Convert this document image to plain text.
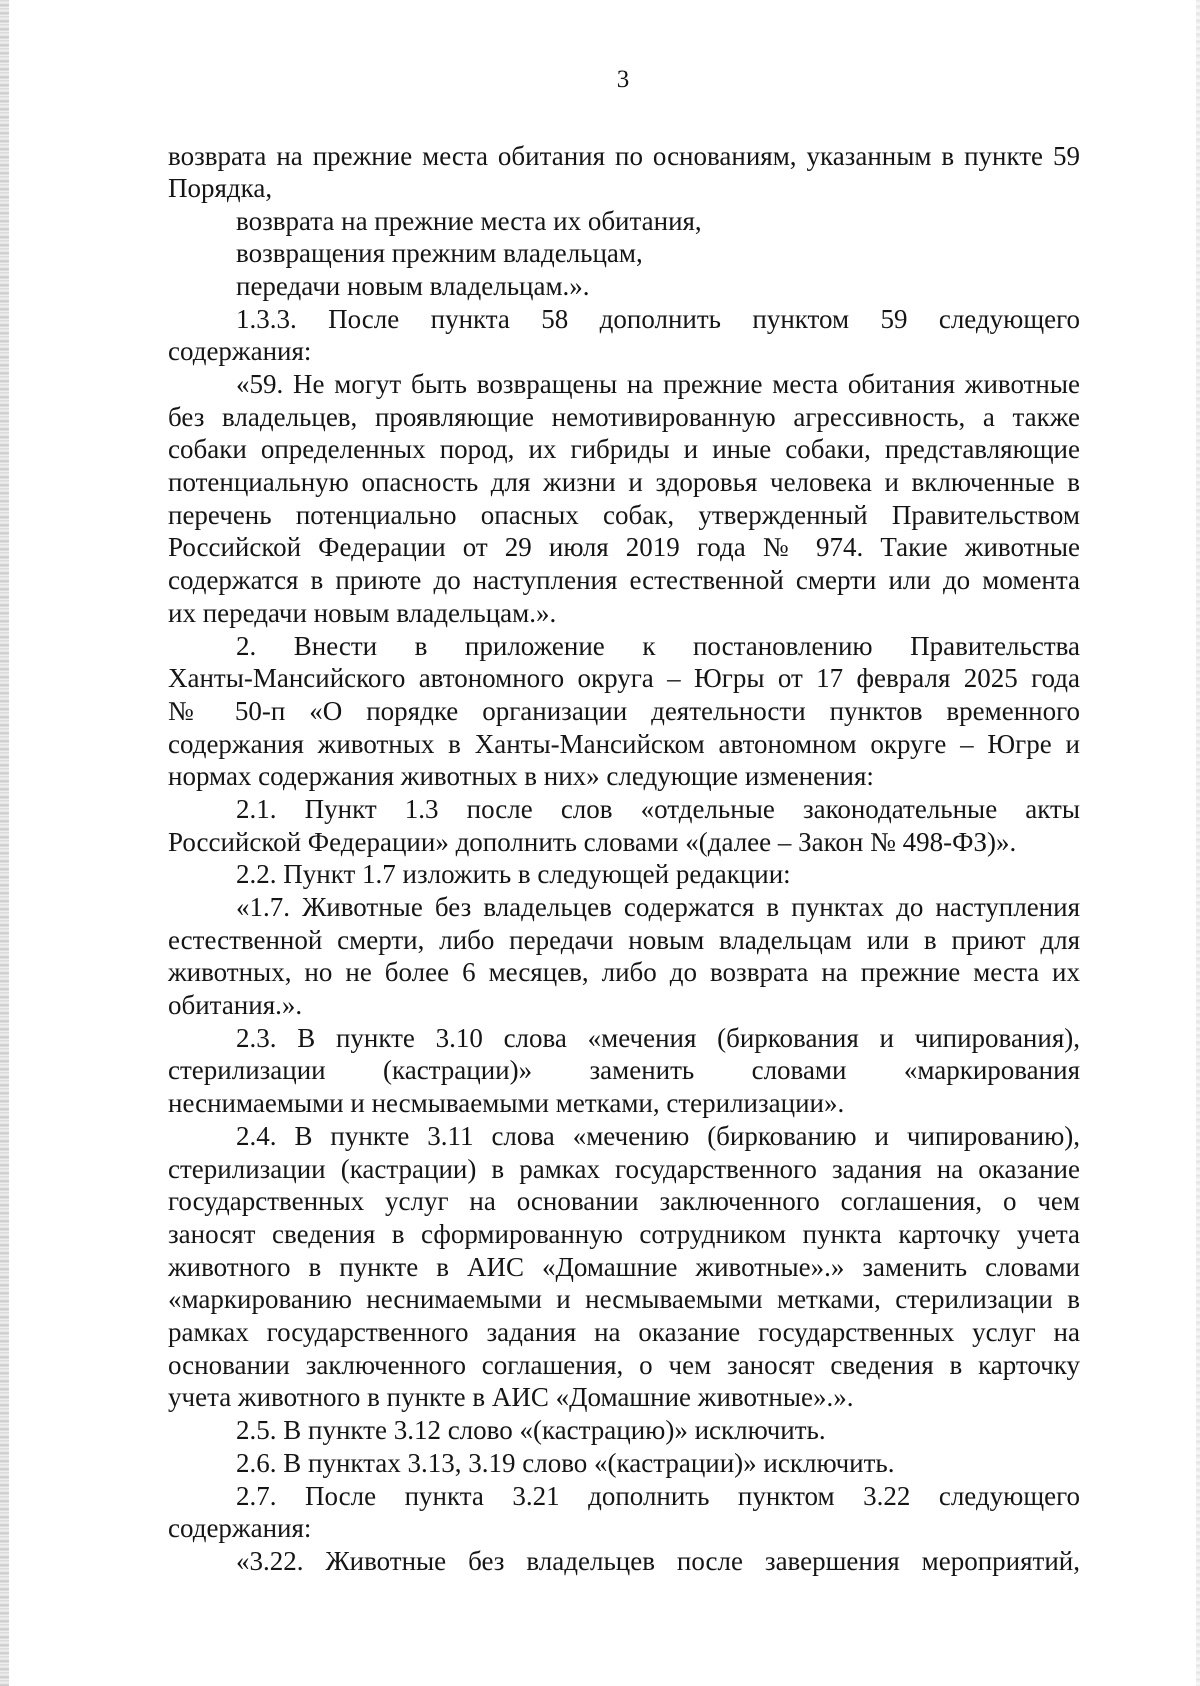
3
возврата на прежние места обитания по основаниям, указанным в пункте 59
Порядка,
возврата на прежние места их обитания,
возвращения прежним владельцам,
передачи новым владельцам.».
1.3.3. После пункта 58 дополнить пунктом 59 следующего
содержания:
«59. Не могут быть возвращены на прежние места обитания животные
без владельцев, проявляющие немотивированную агрессивность, а также
собаки определенных пород, их гибриды и иные собаки, представляющие
потенциальную опасность для жизни и здоровья человека и включенные в
перечень потенциально опасных собак, утвержденный Правительством
Российской Федерации от 29 июля 2019 года № 974. Такие животные
содержатся в приюте до наступления естественной смерти или до момента
их передачи новым владельцам.».
2. Внести в приложение к постановлению Правительства
Ханты-Мансийского автономного округа – Югры от 17 февраля 2025 года
№ 50-п «О порядке организации деятельности пунктов временного
содержания животных в Ханты-Мансийском автономном округе – Югре и
нормах содержания животных в них» следующие изменения:
2.1. Пункт 1.3 после слов «отдельные законодательные акты
Российской Федерации» дополнить словами «(далее – Закон № 498-ФЗ)».
2.2. Пункт 1.7 изложить в следующей редакции:
«1.7. Животные без владельцев содержатся в пунктах до наступления
естественной смерти, либо передачи новым владельцам или в приют для
животных, но не более 6 месяцев, либо до возврата на прежние места их
обитания.».
2.3. В пункте 3.10 слова «мечения (биркования и чипирования),
стерилизации (кастрации)» заменить словами «маркирования
неснимаемыми и несмываемыми метками, стерилизации».
2.4. В пункте 3.11 слова «мечению (биркованию и чипированию),
стерилизации (кастрации) в рамках государственного задания на оказание
государственных услуг на основании заключенного соглашения, о чем
заносят сведения в сформированную сотрудником пункта карточку учета
животного в пункте в АИС «Домашние животные».» заменить словами
«маркированию неснимаемыми и несмываемыми метками, стерилизации в
рамках государственного задания на оказание государственных услуг на
основании заключенного соглашения, о чем заносят сведения в карточку
учета животного в пункте в АИС «Домашние животные».».
2.5. В пункте 3.12 слово «(кастрацию)» исключить.
2.6. В пунктах 3.13, 3.19 слово «(кастрации)» исключить.
2.7. После пункта 3.21 дополнить пунктом 3.22 следующего
содержания:
«3.22. Животные без владельцев после завершения мероприятий,
